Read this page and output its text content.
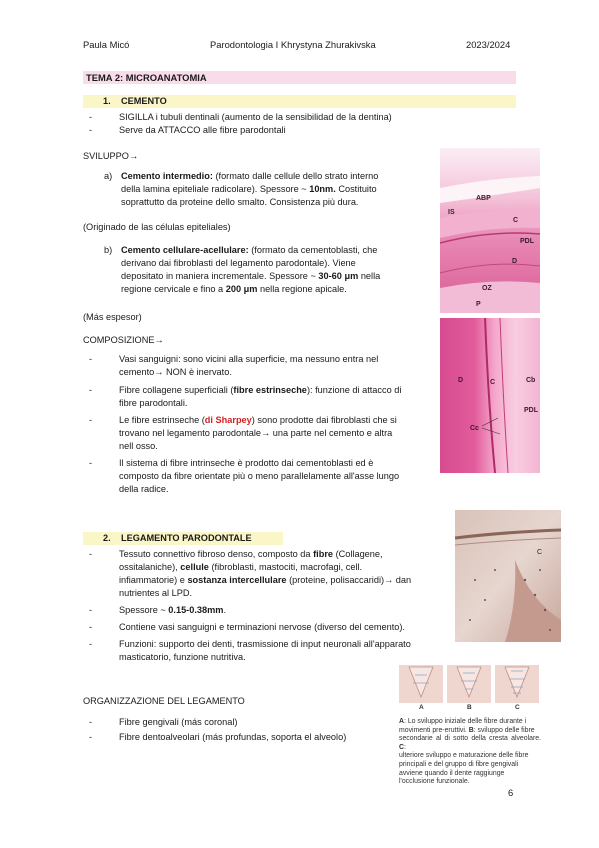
Paula Micó	Parodontologia I Khrystyna Zhurakivska	2023/2024
TEMA 2: MICROANATOMIA
1. CEMENTO
- SIGILLA i tubuli dentinali (aumento de la sensibilidad de la dentina)
- Serve da ATTACCO alle fibre parodontali
SVILUPPO→
a) Cemento intermedio: (formato dalle cellule dello strato interno
della lamina epiteliale radicolare). Spessore ~ 10nm. Costituito
soprattutto da proteine dello smalto. Consistenza più dura.
(Originado de las células epiteliales)
b) Cemento cellulare-acellulare: (formato da cementoblasti, che
derivano dai fibroblasti del legamento parodontale). Viene
depositato in maniera incrementale. Spessore ~ 30-60 μm nella
regione cervicale e fino a 200 μm nella regione apicale.
(Más espesor)
COMPOSIZIONE→
- Vasi sanguigni: sono vicini alla superficie, ma nessuno entra nel
cemento→ NON è inervato.
- Fibre collagene superficiali (fibre estrinseche): funzione di attacco di
fibre parodontali.
- Le fibre estrinseche (di Sharpey) sono prodotte dai fibroblasti che si
trovano nel legamento parodontale→ una parte nel cemento e altra
nell osso.
- Il sistema di fibre intrinseche è prodotto dai cementoblasti ed è
composto da fibre orientate più o meno parallelamente all'asse lungo
della radice.
ABP
IS
C
PDL
D
OZ
P
D	C	Cb
PDL
Cc
2. LEGAMENTO PARODONTALE
- Tessuto connettivo fibroso denso, composto da fibre (Collagene,
ossitalaniche), cellule (fibroblasti, mastociti, macrofagi, cell.
infiammatorie) e sostanza intercellulare (proteine, polisaccaridi)→ dan
nutrientes al LPD.
- Spessore ~ 0.15-0.38mm.
- Contiene vasi sanguigni e terminazioni nervose (diverso del cemento).
- Funzioni: supporto dei denti, trasmissione di input neuronali all'apparato
masticatorio, funzione nutritiva.
C
ORGANIZZAZIONE DEL LEGAMENTO
- Fibre gengivali (más coronal)
- Fibre dentoalveolari (más profundas, soporta el alveolo)
A	B	C
A: Lo sviluppo iniziale delle fibre durante i
movimenti pre-eruttivi. B: sviluppo delle fibre
secondarie al di sotto della cresta alveolare. C:
ulteriore sviluppo e maturazione delle fibre
principali e del gruppo di fibre gengivali
avviene quando il dente raggiunge
l'occlusione funzionale.
6
